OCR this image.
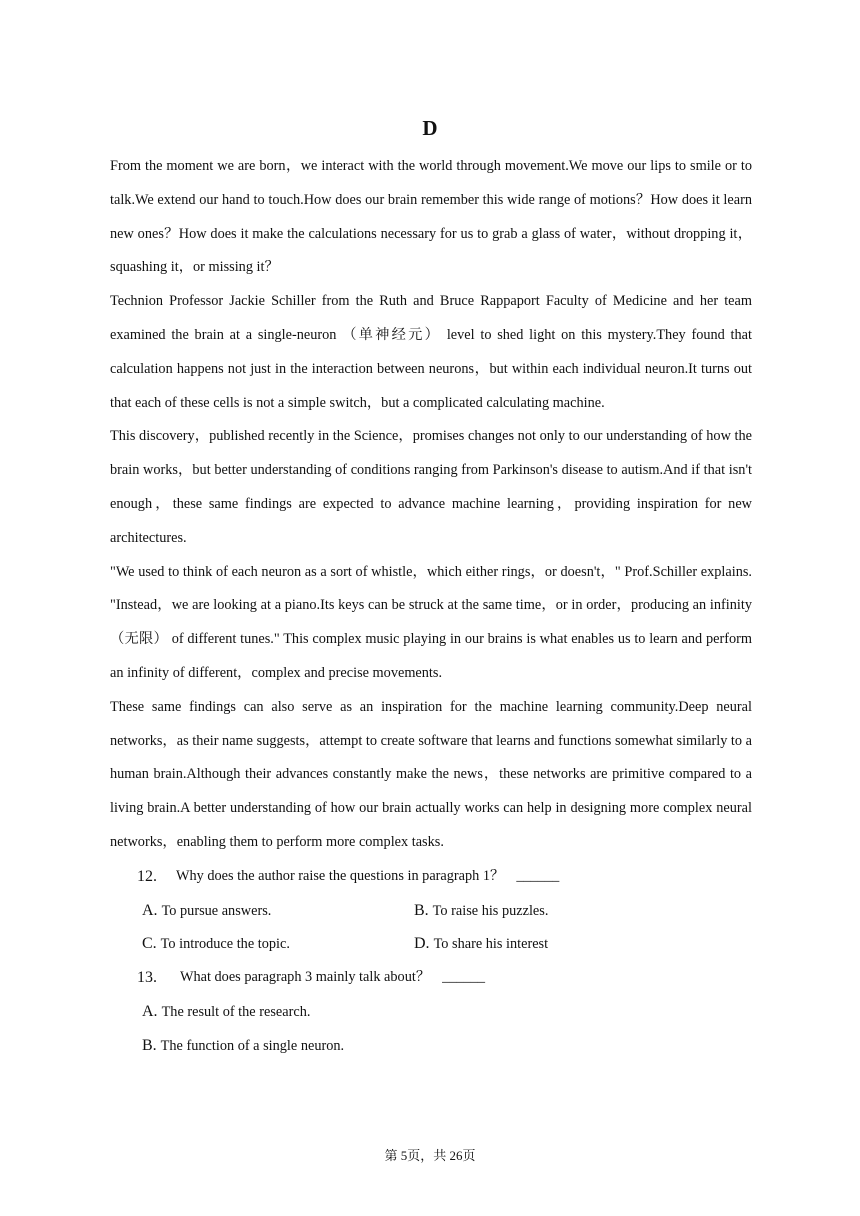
D

From the moment we are born，we interact with the world through movement.We move our lips to smile or to talk.We extend our hand to touch.How does our brain remember this wide range of motions？How does it learn new ones？How does it make the calculations necessary for us to grab a glass of water，without dropping it，squashing it，or missing it？

Technion Professor Jackie Schiller from the Ruth and Bruce Rappaport Faculty of Medicine and her team examined the brain at a single-neuron （单神经元） level to shed light on this mystery.They found that calculation happens not just in the interaction between neurons，but within each individual neuron.It turns out that each of these cells is not a simple switch，but a complicated calculating machine.

This discovery，published recently in the Science，promises changes not only to our understanding of how the brain works，but better understanding of conditions ranging from Parkinson's disease to autism.And if that isn't enough，these same findings are expected to advance machine learning，providing inspiration for new architectures.

"We used to think of each neuron as a sort of whistle，which either rings，or doesn't，" Prof.Schiller explains. "Instead，we are looking at a piano.Its keys can be struck at the same time，or in order，producing an infinity （无限） of different tunes." This complex music playing in our brains is what enables us to learn and perform an infinity of different，complex and precise movements.

These same findings can also serve as an inspiration for the machine learning community.Deep neural networks，as their name suggests，attempt to create software that learns and functions somewhat similarly to a human brain.Although their advances constantly make the news，these networks are primitive compared to a living brain.A better understanding of how our brain actually works can help in designing more complex neural networks，enabling them to perform more complex tasks.

12. Why does the author raise the questions in paragraph 1？ ______
A. To pursue answers.	B. To raise his puzzles.
C. To introduce the topic.	D. To share his interest
13. What does paragraph 3 mainly talk about？ ______
A. The result of the research.
B. The function of a single neuron.
第 5页，共 26页
